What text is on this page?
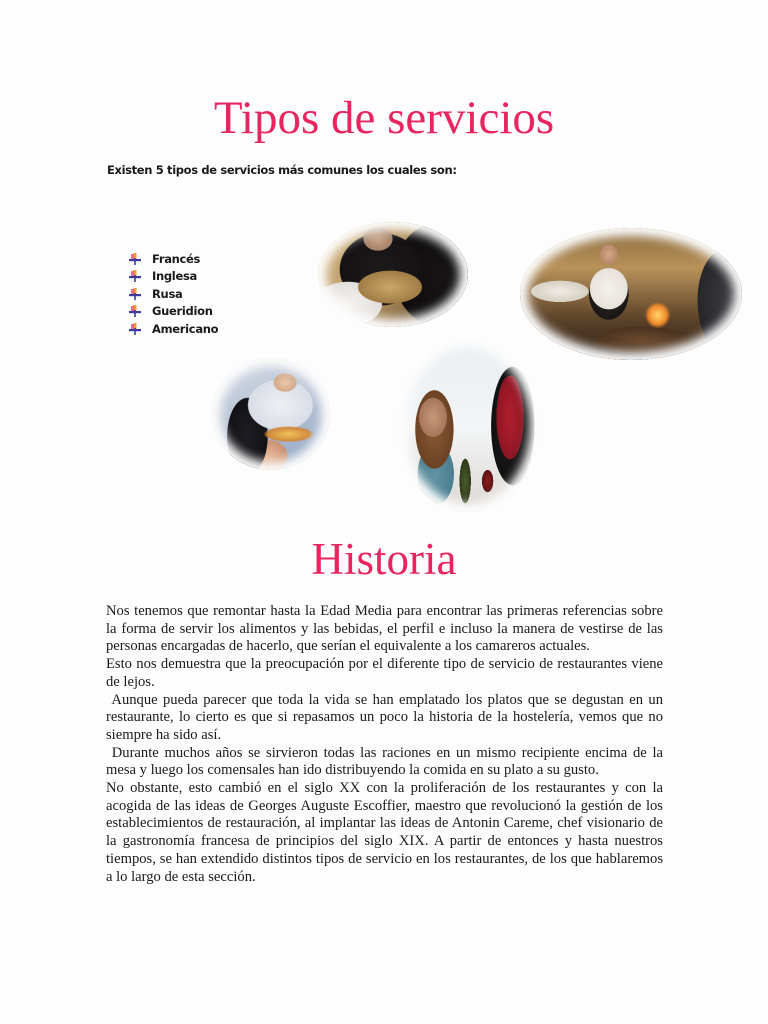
Tipos de servicios

Existen 5 tipos de servicios más comunes los cuales son:

Francés
Inglesa
Rusa
Gueridion
Americano
Historia

Nos tenemos que remontar hasta la Edad Media para encontrar las primeras referencias sobre la forma de servir los alimentos y las bebidas, el perfil e incluso la manera de vestirse de las personas encargadas de hacerlo, que serían el equivalente a los camareros actuales.

Esto nos demuestra que la preocupación por el diferente tipo de servicio de restaurantes viene de lejos.

Aunque pueda parecer que toda la vida se han emplatado los platos que se degustan en un restaurante, lo cierto es que si repasamos un poco la historia de la hostelería, vemos que no siempre ha sido así.

Durante muchos años se sirvieron todas las raciones en un mismo recipiente encima de la mesa y luego los comensales han ido distribuyendo la comida en su plato a su gusto.

No obstante, esto cambió en el siglo XX con la proliferación de los restaurantes y con la acogida de las ideas de Georges Auguste Escoffier, maestro que revolucionó la gestión de los establecimientos de restauración, al implantar las ideas de Antonin Careme, chef visionario de la gastronomía francesa de principios del siglo XIX. A partir de entonces y hasta nuestros tiempos, se han extendido distintos tipos de servicio en los restaurantes, de los que hablaremos a lo largo de esta sección.
